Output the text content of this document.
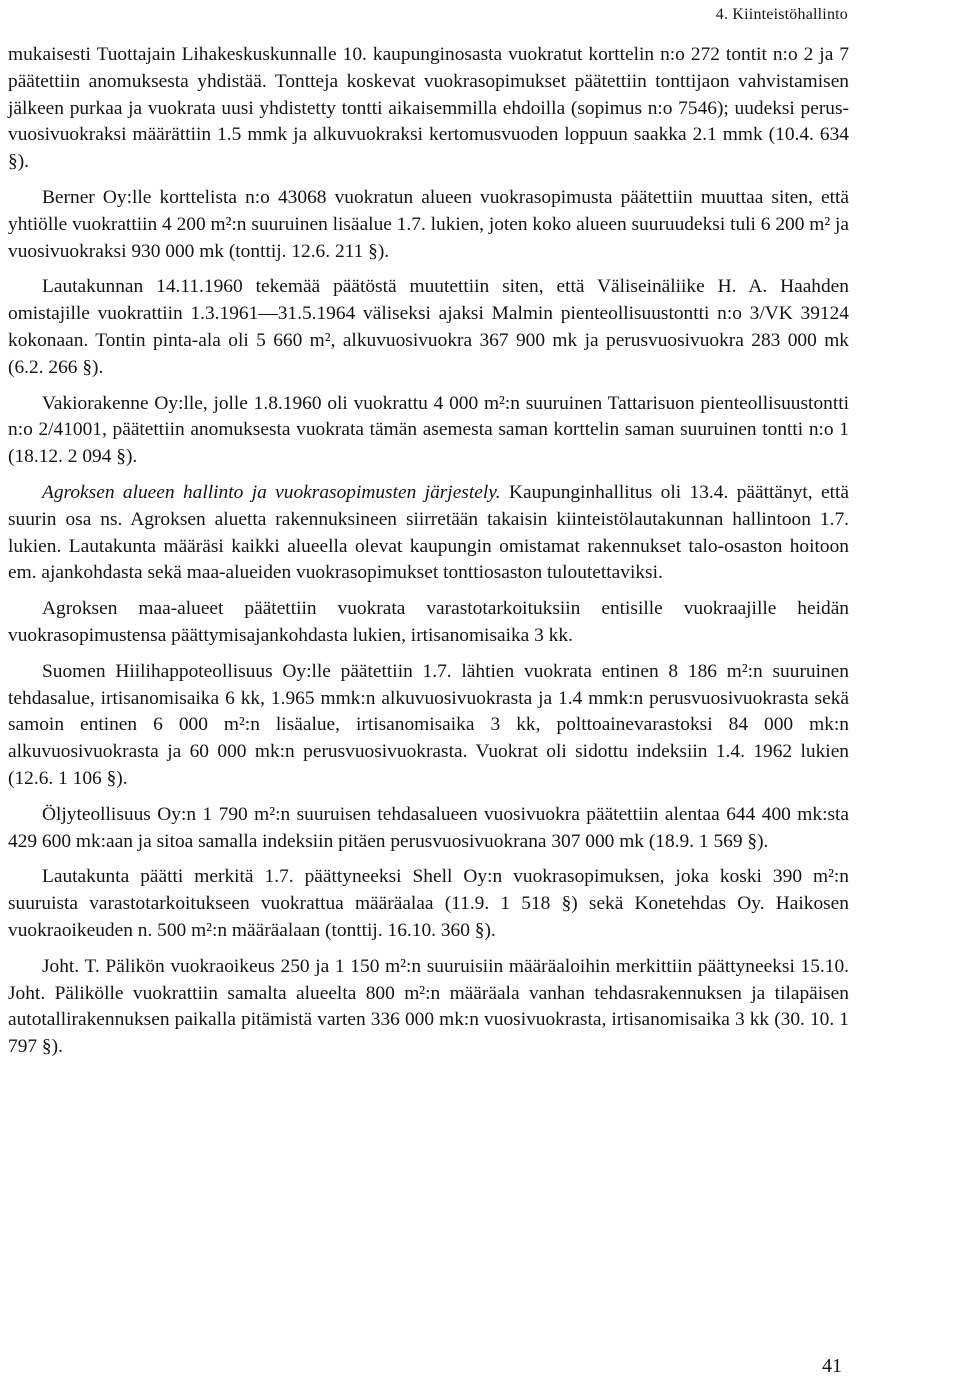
4. Kiinteistöhallinto

mukaisesti Tuottajain Lihakeskuskunnalle 10. kaupunginosasta vuokratut korttelin n:o 272 tontit n:o 2 ja 7 päätettiin anomuksesta yhdistää. Tontteja koskevat vuokrasopimukset päätettiin tonttijaon vahvistamisen jälkeen purkaa ja vuokrata uusi yhdistetty tontti aikaisemmilla ehdoilla (sopimus n:o 7546); uudeksi perusvuosivuokraksi määrättiin 1.5 mmk ja alkuvuokraksi kertomusvuoden loppuun saakka 2.1 mmk (10.4. 634 §).

Berner Oy:lle korttelista n:o 43068 vuokratun alueen vuokrasopimusta päätettiin muuttaa siten, että yhtiölle vuokrattiin 4 200 m²:n suuruinen lisäalue 1.7. lukien, joten koko alueen suuruudeksi tuli 6 200 m² ja vuosivuokraksi 930 000 mk (tonttij. 12.6. 211 §).

Lautakunnan 14.11.1960 tekemää päätöstä muutettiin siten, että Väliseinäliike H. A. Haahden omistajille vuokrattiin 1.3.1961—31.5.1964 väliseksi ajaksi Malmin pienteollisuustontti n:o 3/VK 39124 kokonaan. Tontin pinta-ala oli 5 660 m², alkuvuosivuokra 367 900 mk ja perusvuosivuokra 283 000 mk (6.2. 266 §).

Vakiorakenne Oy:lle, jolle 1.8.1960 oli vuokrattu 4 000 m²:n suuruinen Tattarisuon pienteollisuustontti n:o 2/41001, päätettiin anomuksesta vuokrata tämän asemesta saman korttelin saman suuruinen tontti n:o 1 (18.12. 2 094 §).

Agroksen alueen hallinto ja vuokrasopimusten järjestely. Kaupunginhallitus oli 13.4. päättänyt, että suurin osa ns. Agroksen aluetta rakennuksineen siirretään takaisin kiinteistölautakunnan hallintoon 1.7. lukien. Lautakunta määräsi kaikki alueella olevat kaupungin omistamat rakennukset talo-osaston hoitoon em. ajankohdasta sekä maa-alueiden vuokrasopimukset tonttiosaston tuloutettaviksi.

Agroksen maa-alueet päätettiin vuokrata varastotarkoituksiin entisille vuokraajille heidän vuokrasopimustensa päättymisajankohdasta lukien, irtisanomisaika 3 kk.

Suomen Hiilihappoteollisuus Oy:lle päätettiin 1.7. lähtien vuokrata entinen 8 186 m²:n suuruinen tehdasalue, irtisanomisaika 6 kk, 1.965 mmk:n alkuvuosivuokrasta ja 1.4 mmk:n perusvuosivuokrasta sekä samoin entinen 6 000 m²:n lisäalue, irtisanomisaika 3 kk, polttoainevarastoksi 84 000 mk:n alkuvuosivuokrasta ja 60 000 mk:n perusvuosivuokrasta. Vuokrat oli sidottu indeksiin 1.4. 1962 lukien (12.6. 1 106 §).

Öljyteollisuus Oy:n 1 790 m²:n suuruisen tehdasalueen vuosivuokra päätettiin alentaa 644 400 mk:sta 429 600 mk:aan ja sitoa samalla indeksiin pitäen perusvuosivuokrana 307 000 mk (18.9. 1 569 §).

Lautakunta päätti merkitä 1.7. päättyneeksi Shell Oy:n vuokrasopimuksen, joka koski 390 m²:n suuruista varastotarkoitukseen vuokrattua määräalaa (11.9. 1 518 §) sekä Konetehdas Oy. Haikosen vuokraoikeuden n. 500 m²:n määräalaan (tonttij. 16.10. 360 §).

Joht. T. Pälikön vuokraoikeus 250 ja 1 150 m²:n suuruisiin määräaloihin merkittiin päättyneeksi 15.10. Joht. Pälikölle vuokrattiin samalta alueelta 800 m²:n määräala vanhan tehdasrakennuksen ja tilapäisen autotallirakennuksen paikalla pitämistä varten 336 000 mk:n vuosivuokrasta, irtisanomisaika 3 kk (30. 10. 1 797 §).

41
